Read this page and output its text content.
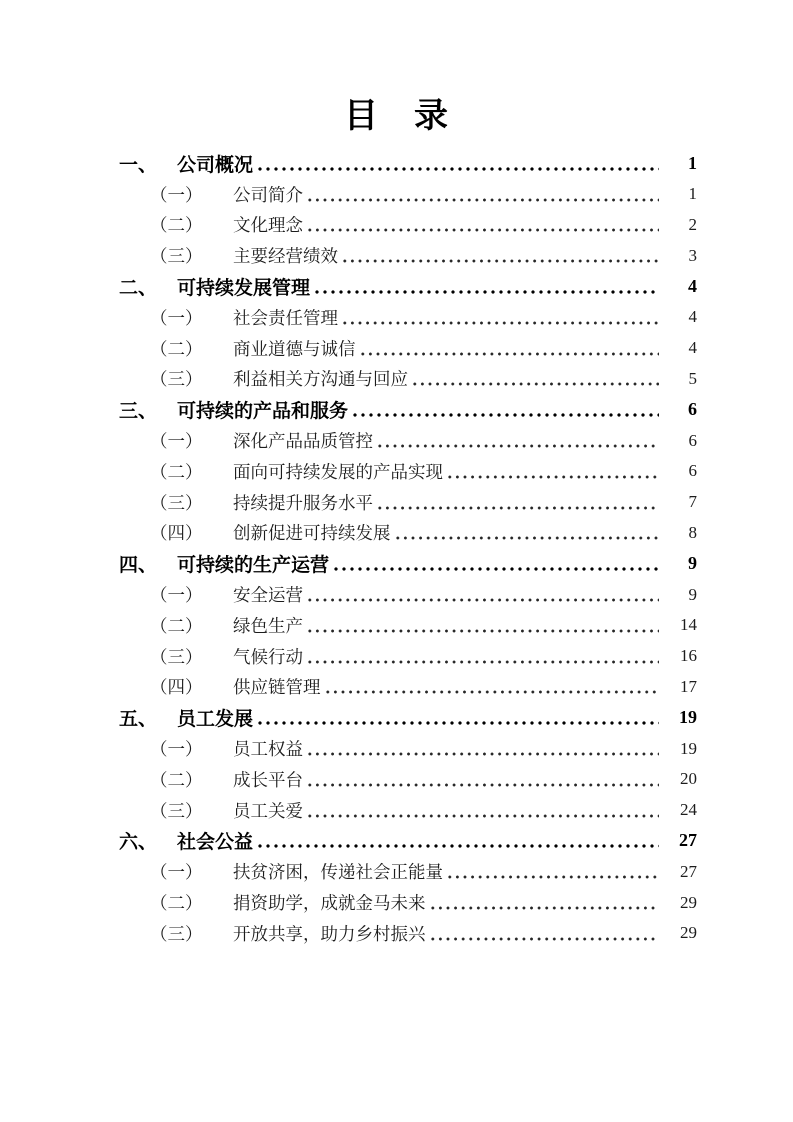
目　录
一、	公司概况	1
（一）	公司简介	1
（二）	文化理念	2
（三）	主要经营绩效	3
二、	可持续发展管理	4
（一）	社会责任管理	4
（二）	商业道德与诚信	4
（三）	利益相关方沟通与回应	5
三、	可持续的产品和服务	6
（一）	深化产品品质管控	6
（二）	面向可持续发展的产品实现	6
（三）	持续提升服务水平	7
（四）	创新促进可持续发展	8
四、	可持续的生产运营	9
（一）	安全运营	9
（二）	绿色生产	14
（三）	气候行动	16
（四）	供应链管理	17
五、	员工发展	19
（一）	员工权益	19
（二）	成长平台	20
（三）	员工关爱	24
六、	社会公益	27
（一）	扶贫济困，传递社会正能量	27
（二）	捐资助学，成就金马未来	29
（三）	开放共享，助力乡村振兴	29
